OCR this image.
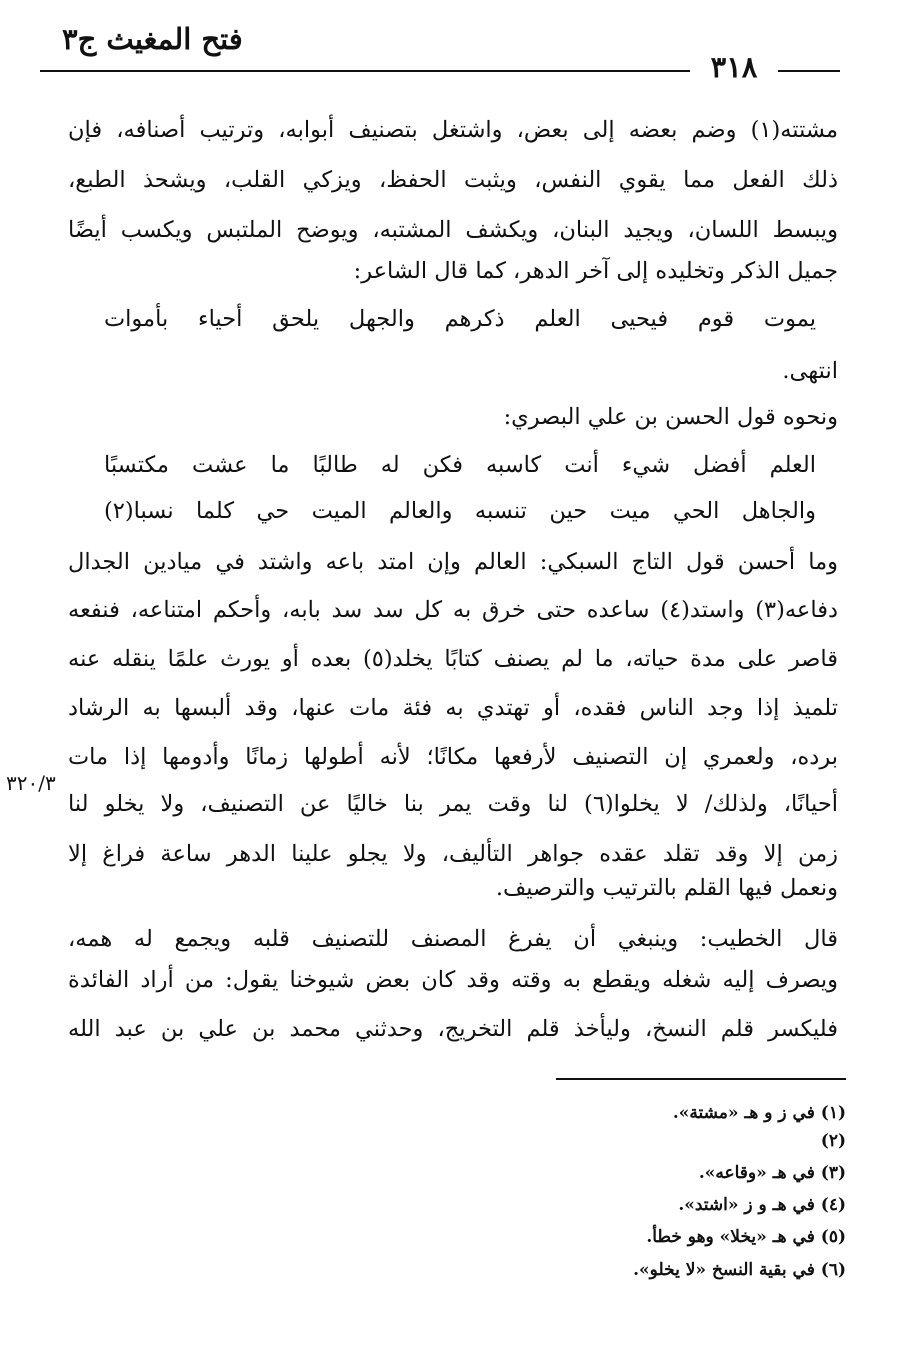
فتح المغيث ج٣
٣١٨
مشتته(١) وضم بعضه إلى بعض، واشتغل بتصنيف أبوابه، وترتيب أصنافه، فإن
ذلك الفعل مما يقوي النفس، ويثبت الحفظ، ويزكي القلب، ويشحذ الطبع،
ويبسط اللسان، ويجيد البنان، ويكشف المشتبه، ويوضح الملتبس ويكسب أيضًا
جميل الذكر وتخليده إلى آخر الدهر، كما قال الشاعر:
يموت قوم فيحيى العلم ذكرهم والجهل يلحق أحياء بأموات
انتهى.
ونحوه قول الحسن بن علي البصري:
العلم أفضل شيء أنت كاسبه فكن له طالبًا ما عشت مكتسبًا
والجاهل الحي ميت حين تنسبه والعالم الميت حي كلما نسبا(٢)
وما أحسن قول التاج السبكي: العالم وإن امتد باعه واشتد في ميادين الجدال
دفاعه(٣) واستد(٤) ساعده حتى خرق به كل سد سد بابه، وأحكم امتناعه، فنفعه
قاصر على مدة حياته، ما لم يصنف كتابًا يخلد(٥) بعده أو يورث علمًا ينقله عنه
تلميذ إذا وجد الناس فقده، أو تهتدي به فئة مات عنها، وقد ألبسها به الرشاد
برده، ولعمري إن التصنيف لأرفعها مكانًا؛ لأنه أطولها زمانًا وأدومها إذا مات
٣٢٠/٣
أحيانًا، ولذلك/ لا يخلوا(٦) لنا وقت يمر بنا خاليًا عن التصنيف، ولا يخلو لنا
زمن إلا وقد تقلد عقده جواهر التأليف، ولا يجلو علينا الدهر ساعة فراغ إلا
ونعمل فيها القلم بالترتيب والترصيف.
قال الخطيب: وينبغي أن يفرغ المصنف للتصنيف قلبه ويجمع له همه،
ويصرف إليه شغله ويقطع به وقته وقد كان بعض شيوخنا يقول: من أراد الفائدة
فليكسر قلم النسخ، وليأخذ قلم التخريج، وحدثني محمد بن علي بن عبد الله
(١) في ز و هـ «مشتة».
(٢)
(٣) في هـ «وقاعه».
(٤) في هـ و ز «اشتد».
(٥) في هـ «يخلا» وهو خطأ.
(٦) في بقية النسخ «لا يخلو».
